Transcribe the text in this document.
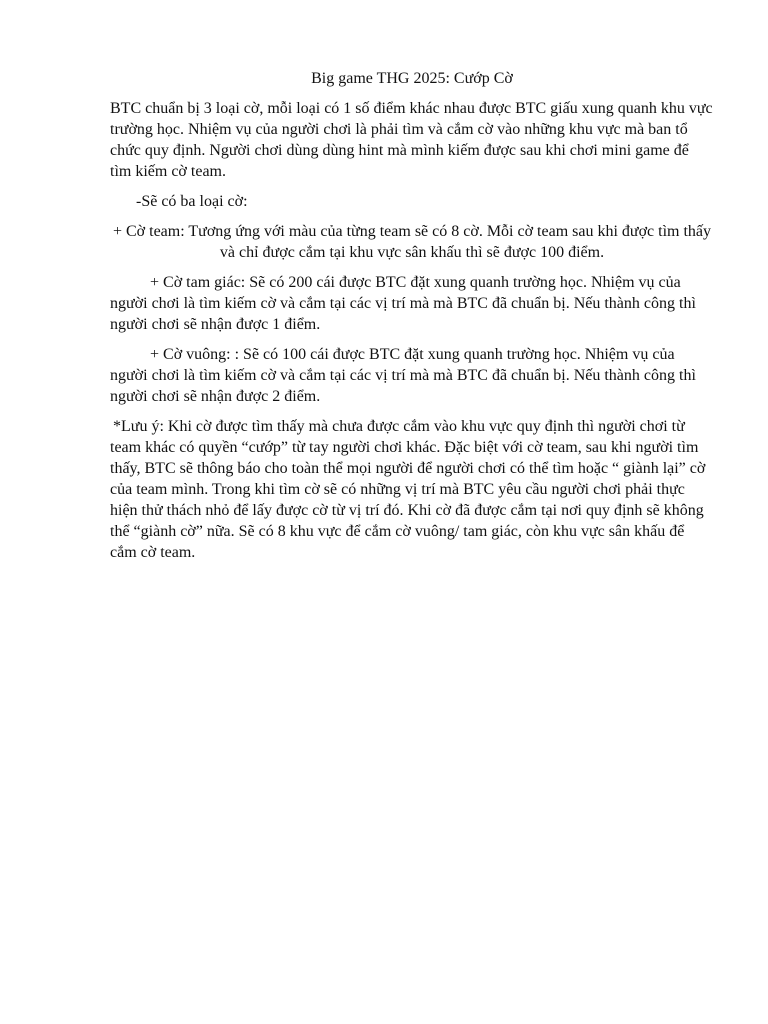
Big game THG 2025: Cướp Cờ

BTC chuẩn bị 3 loại cờ, mỗi loại có 1 số điểm khác nhau được BTC giấu xung quanh khu vực trường học. Nhiệm vụ của người chơi là phải tìm và cắm cờ vào những khu vực mà ban tổ chức quy định. Người chơi dùng dùng hint mà mình kiếm được sau khi chơi mini game để tìm kiếm cờ team.

-Sẽ có ba loại cờ:

+ Cờ team: Tương ứng với màu của từng team sẽ có 8 cờ. Mỗi cờ team sau khi được tìm thấy và chỉ được cắm tại khu vực sân khấu thì sẽ được 100 điểm.

+ Cờ tam giác: Sẽ có 200 cái được BTC đặt xung quanh trường học. Nhiệm vụ của người chơi là tìm kiếm cờ và cắm tại các vị trí mà mà BTC đã chuẩn bị. Nếu thành công thì người chơi sẽ nhận được 1 điểm.

+ Cờ vuông: : Sẽ có 100 cái được BTC đặt xung quanh trường học. Nhiệm vụ của người chơi là tìm kiếm cờ và cắm tại các vị trí mà mà BTC đã chuẩn bị. Nếu thành công thì người chơi sẽ nhận được 2 điểm.

*Lưu ý: Khi cờ được tìm thấy mà chưa được cắm vào khu vực quy định thì người chơi từ team khác có quyền “cướp” từ tay người chơi khác. Đặc biệt với cờ team, sau khi người tìm thấy, BTC sẽ thông báo cho toàn thể mọi người để người chơi có thể tìm hoặc “ giành lại” cờ của team mình. Trong khi tìm cờ sẽ có những vị trí mà BTC yêu cầu người chơi phải thực hiện thử thách nhỏ để lấy được cờ từ vị trí đó. Khi cờ đã được cắm tại nơi quy định sẽ không thể “giành cờ” nữa. Sẽ có 8 khu vực để cắm cờ vuông/ tam giác, còn khu vực sân khấu để cắm cờ team.
